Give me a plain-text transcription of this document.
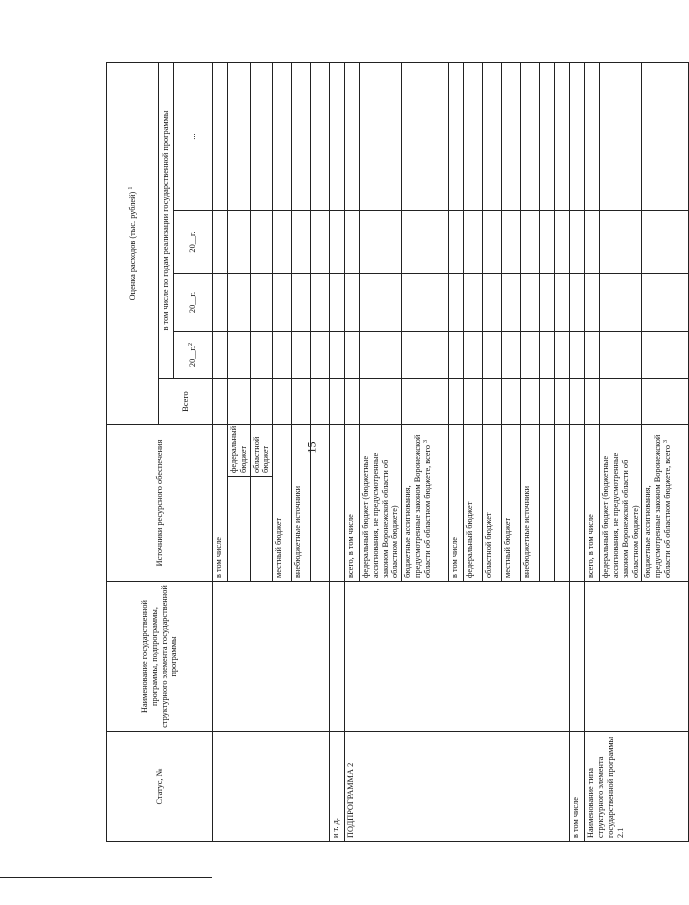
15
Статус, №	Наименование государственной программы, подпрограммы, структурного элемента государственной программы	Источники ресурсного обеспечения		Оценка расходов (тыс. рублей) $^1$
				Всего	в том числе по годам реализации государственной программы			
					20__г.$^2$	20__г.	20__г.	...
		в том числе						
			федеральный бюджет					
			областной бюджет					
		местный бюджет						
		внебюджетные источники						

и т. д.								
ПОДПРОГРАММА 2		всего, в том числе						
		федеральный бюджет (бюджетные ассигнования, не предусмотренные законом Воронежской области об областном бюджете)						
		бюджетные ассигнования, предусмотренные законом Воронежской области об областном бюджете, всего $^3$					
		в том числе						
		федеральный бюджет						
		областной бюджет						
		местный бюджет						
		внебюджетные источники						

в том числе								
Наименование типа структурного элемента государственной программы 2.1		всего, в том числе						
		федеральный бюджет (бюджетные ассигнования, не предусмотренные законом Воронежской области об областном бюджете)						
		бюджетные ассигнования, предусмотренные законом Воронежской области об областном бюджете, всего $^3$					
